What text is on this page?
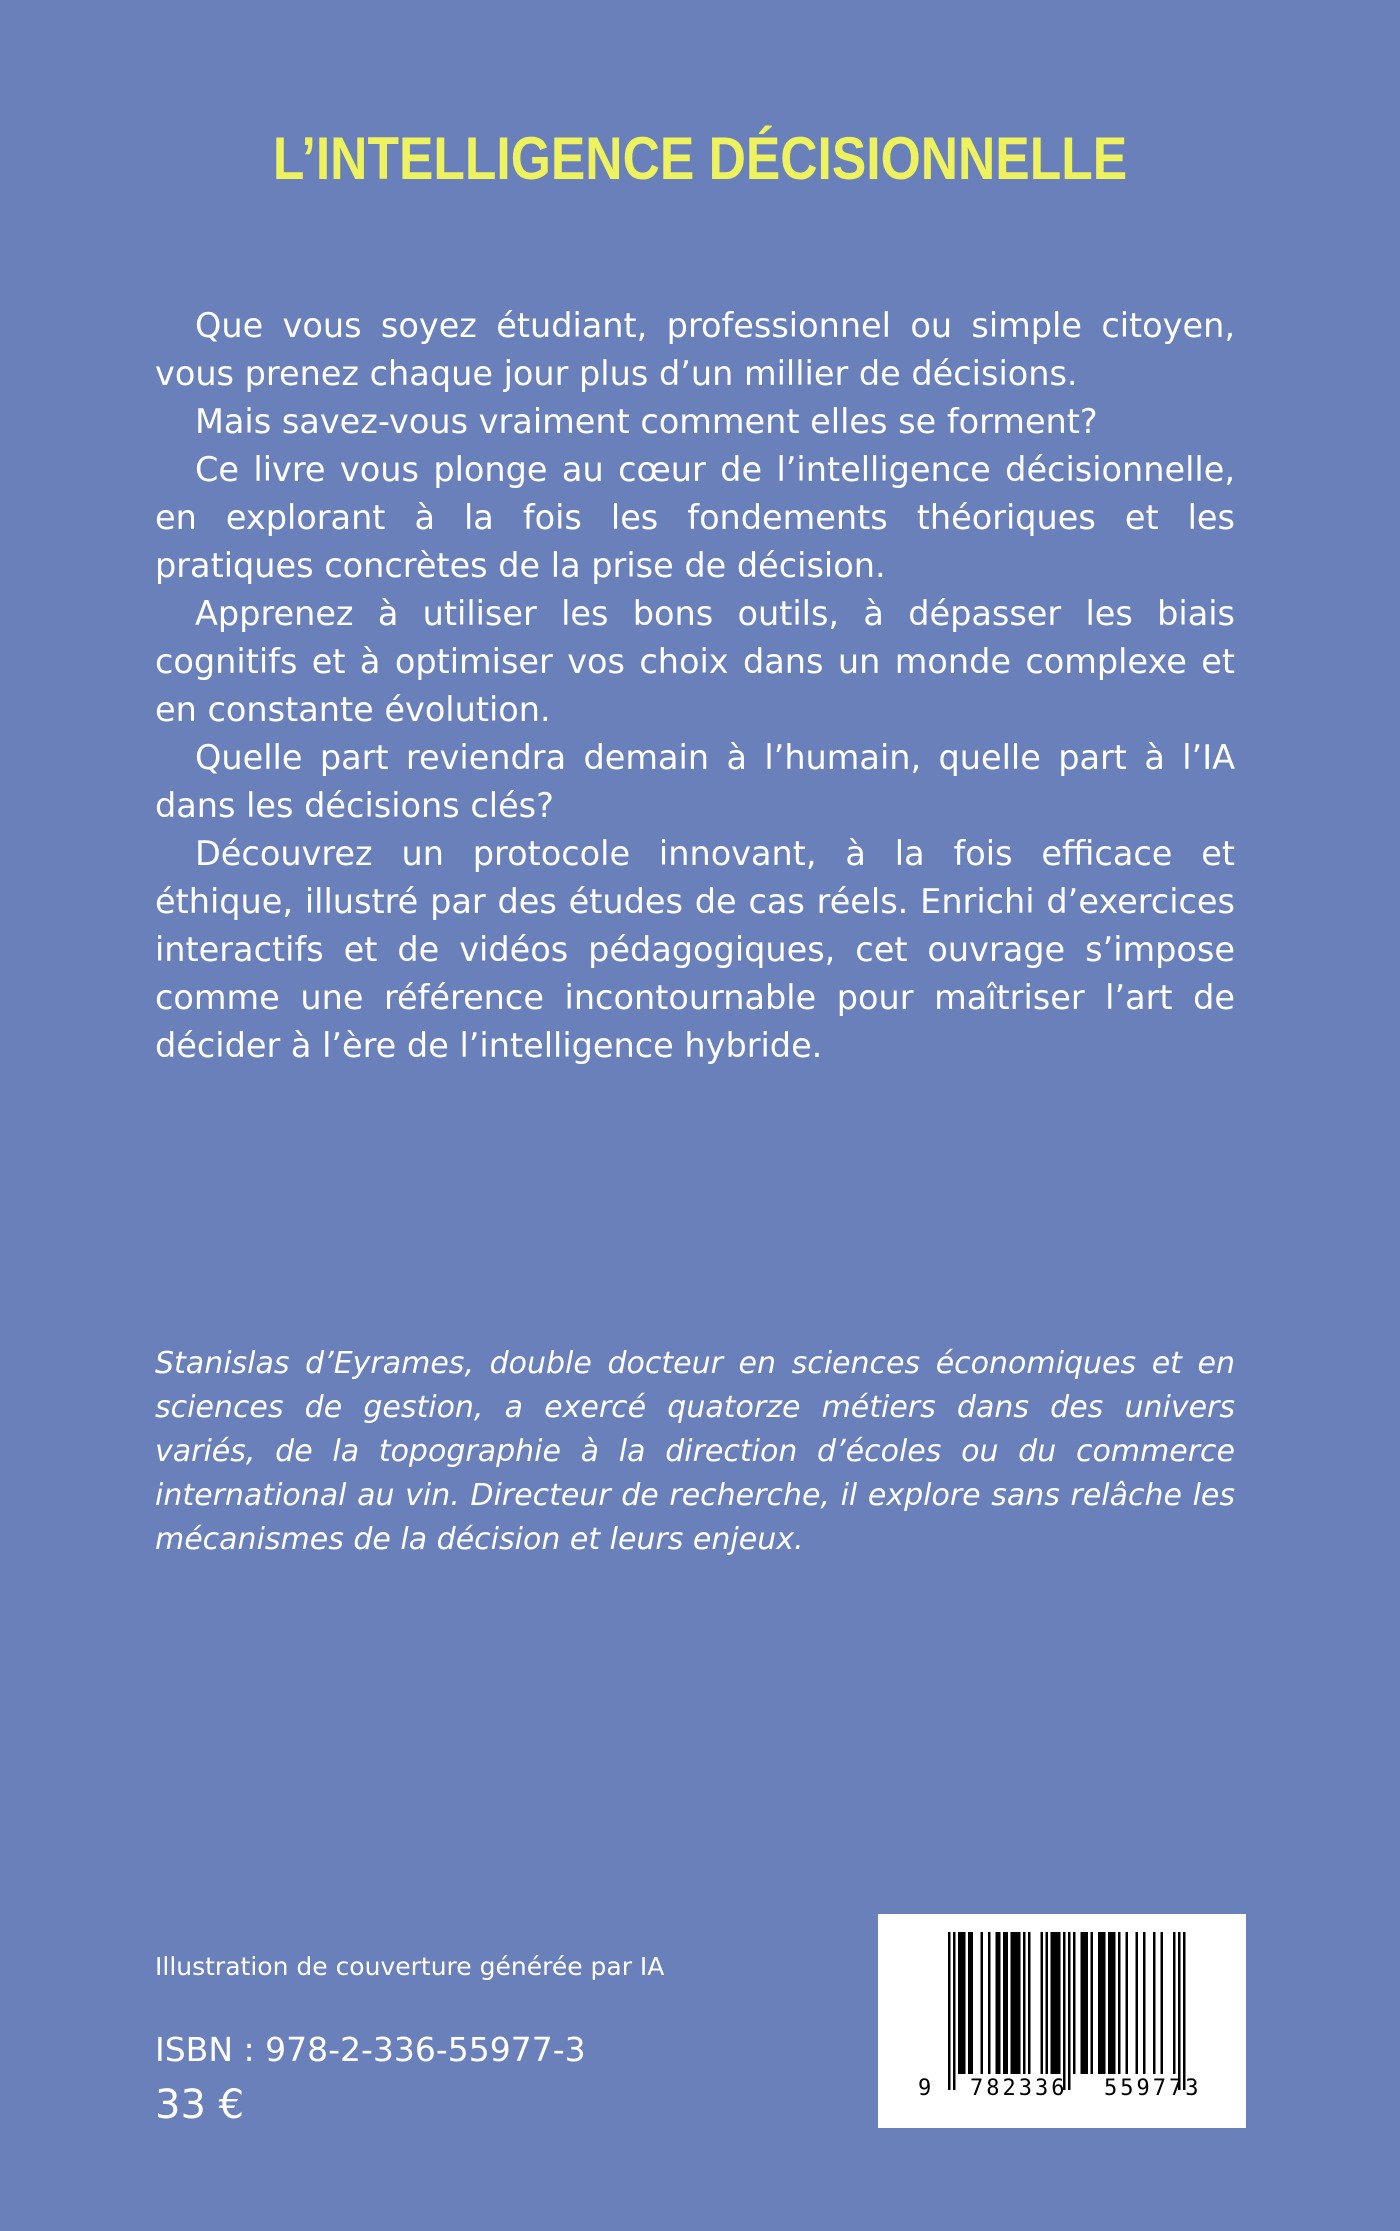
L’INTELLIGENCE DÉCISIONNELLE

Que vous soyez étudiant, professionnel ou simple citoyen, vous prenez chaque jour plus d’un millier de décisions.

Mais savez-vous vraiment comment elles se forment?

Ce livre vous plonge au cœur de l’intelligence décisionnelle, en explorant à la fois les fondements théoriques et les pratiques concrètes de la prise de décision.

Apprenez à utiliser les bons outils, à dépasser les biais cognitifs et à optimiser vos choix dans un monde complexe et en constante évolution.

Quelle part reviendra demain à l’humain, quelle part à l’IA dans les décisions clés?

Découvrez un protocole innovant, à la fois efficace et éthique, illustré par des études de cas réels. Enrichi d’exercices interactifs et de vidéos pédagogiques, cet ouvrage s’impose comme une référence incontournable pour maîtriser l’art de décider à l’ère de l’intelligence hybride.

Stanislas d’Eyrames, double docteur en sciences économiques et en sciences de gestion, a exercé quatorze métiers dans des univers variés, de la topographie à la direction d’écoles ou du commerce international au vin. Directeur de recherche, il explore sans relâche les mécanismes de la décision et leurs enjeux.
Illustration de couverture générée par IA
ISBN : 978-2-336-55977-3
33 €	9 782336 559773
